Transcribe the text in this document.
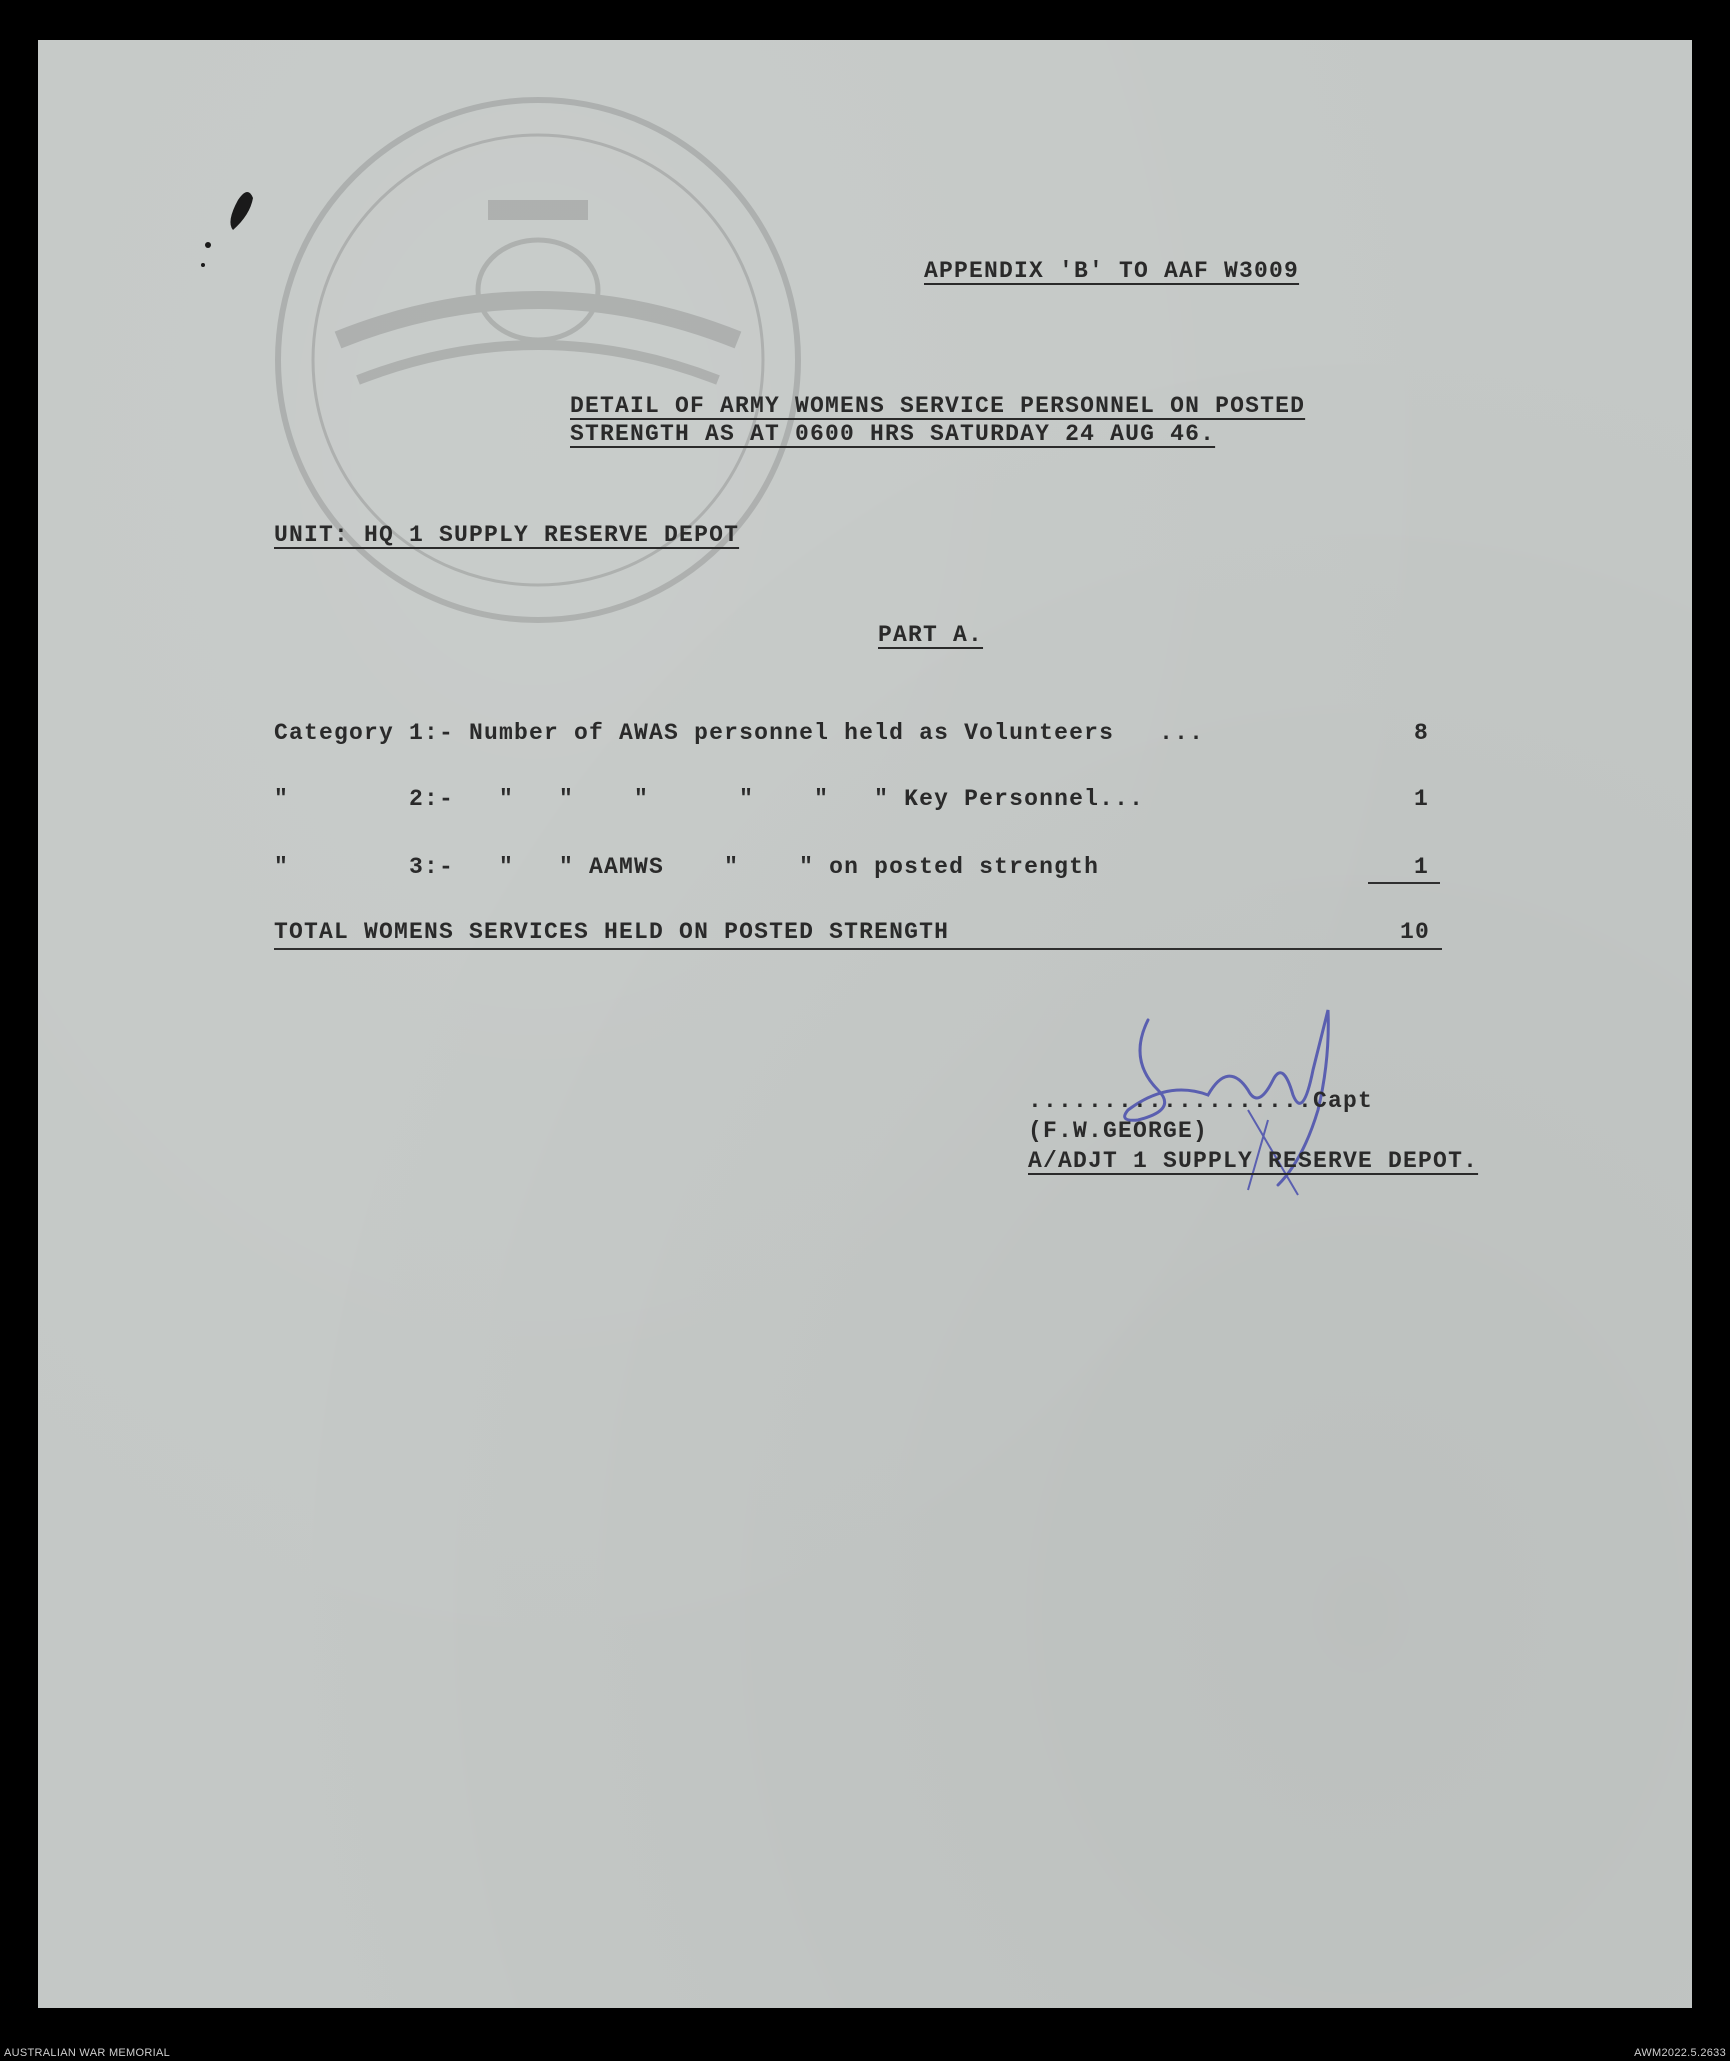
APPENDIX 'B' TO AAF W3009
DETAIL OF ARMY WOMENS SERVICE PERSONNEL ON POSTED
STRENGTH AS AT 0600 HRS SATURDAY 24 AUG 46.
UNIT: HQ 1 SUPPLY RESERVE DEPOT
PART A.
Category 1:- Number of AWAS personnel held as Volunteers   ...	8
"        2:-   "   "    "      "    "   " Key Personnel...	1
"        3:-   "   " AAMWS    "    " on posted strength	1
TOTAL WOMENS SERVICES HELD ON POSTED STRENGTH	10
...................Capt
(F.W.GEORGE)
A/ADJT 1 SUPPLY RESERVE DEPOT.
AUSTRALIAN WAR MEMORIAL	AWM2022.5.2633
